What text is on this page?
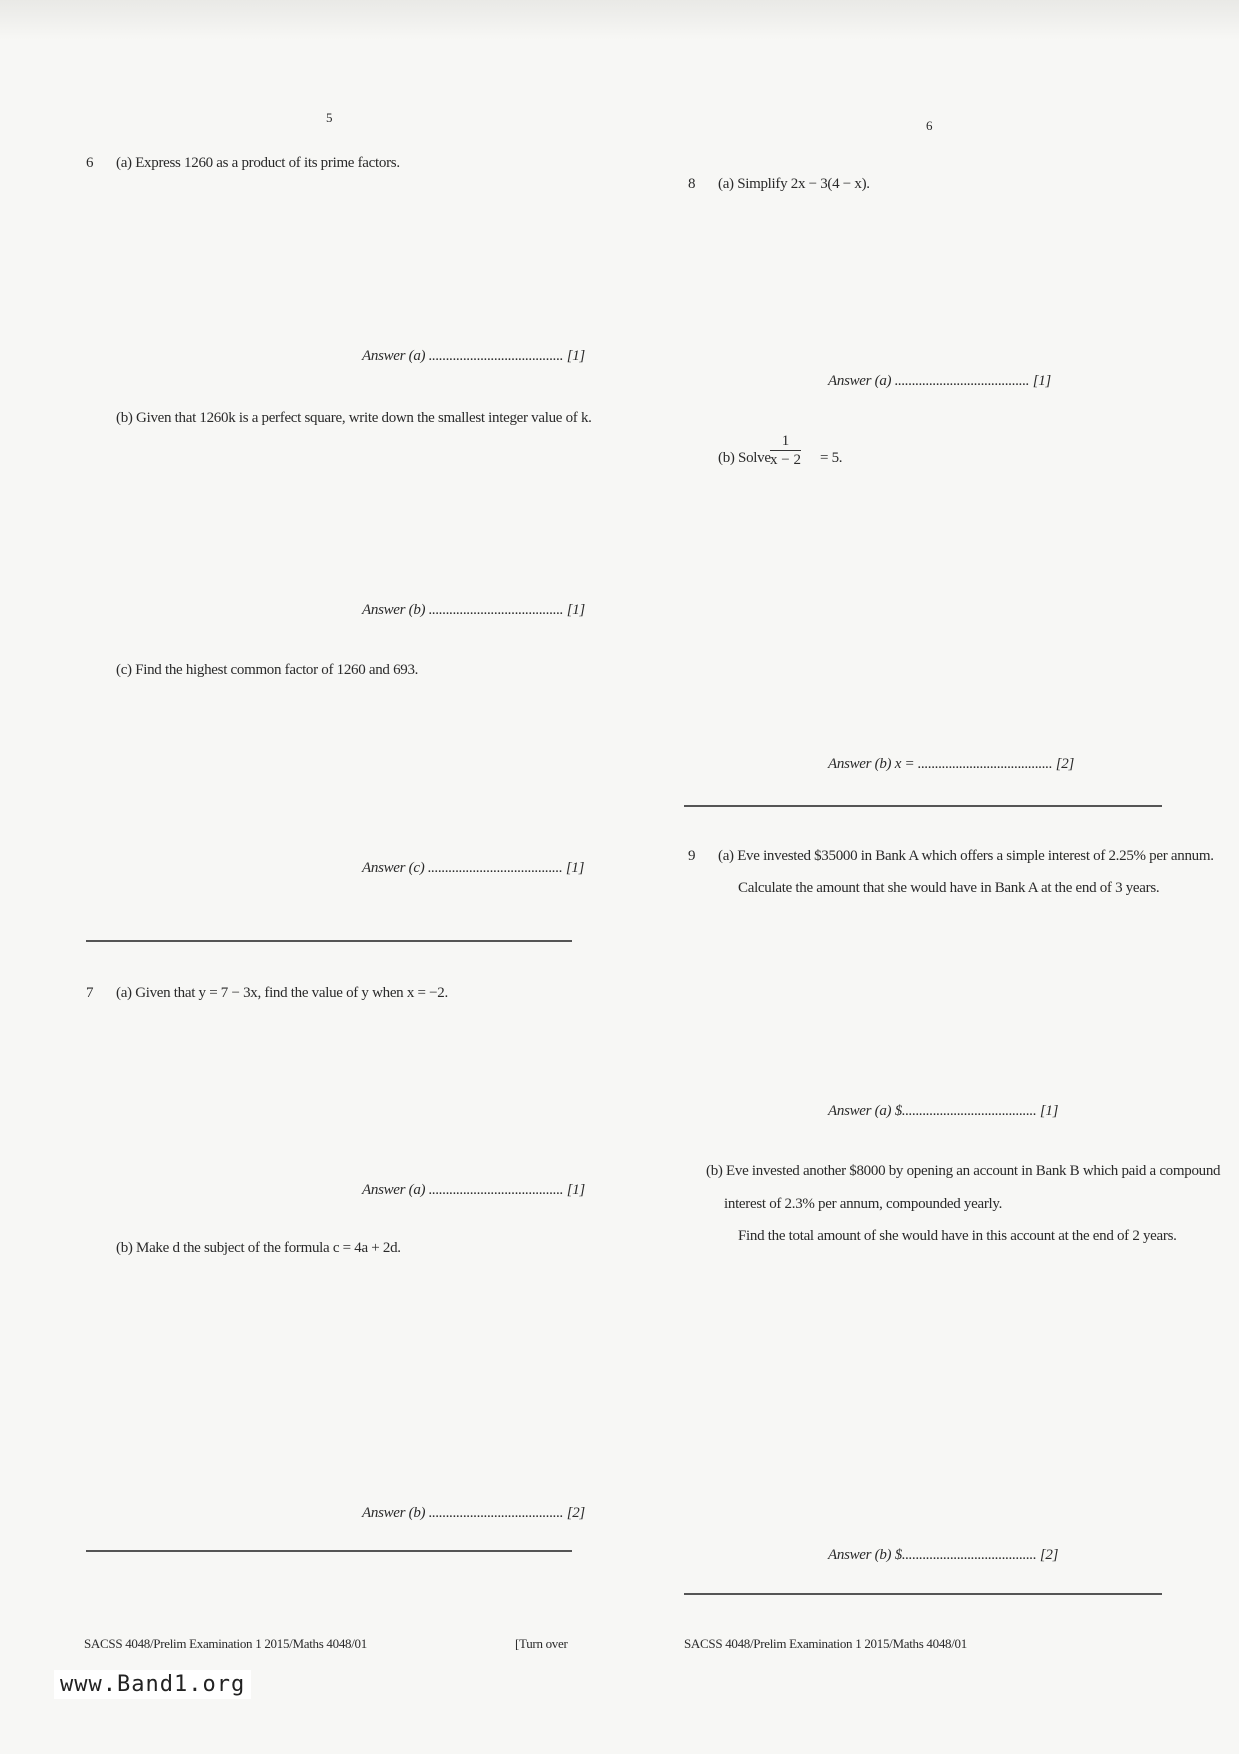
5
6 (a) Express 1260 as a product of its prime factors.
Answer (a) ....................................... [1]
(b) Given that 1260k is a perfect square, write down the smallest integer value of k.
Answer (b) ....................................... [1]
(c) Find the highest common factor of 1260 and 693.
Answer (c) ....................................... [1]
7 (a) Given that y = 7 − 3x, find the value of y when x = −2.
Answer (a) ....................................... [1]
(b) Make d the subject of the formula c = 4a + 2d.
Answer (b) ....................................... [2]
SACSS 4048/Prelim Examination 1 2015/Maths 4048/01	[Turn over
6
8 (a) Simplify 2x − 3(4 − x).
Answer (a) ....................................... [1]
(b) Solve $\frac{1}{x - 2} = 5$.
Answer (b) x = ....................................... [2]
9 (a) Eve invested $35000 in Bank A which offers a simple interest of 2.25% per annum.
Calculate the amount that she would have in Bank A at the end of 3 years.
Answer (a) $....................................... [1]
(b) Eve invested another $8000 by opening an account in Bank B which paid a compound
interest of 2.3% per annum, compounded yearly.
Find the total amount of she would have in this account at the end of 2 years.
Answer (b) $....................................... [2]
SACSS 4048/Prelim Examination 1 2015/Maths 4048/01
www.Band1.org
